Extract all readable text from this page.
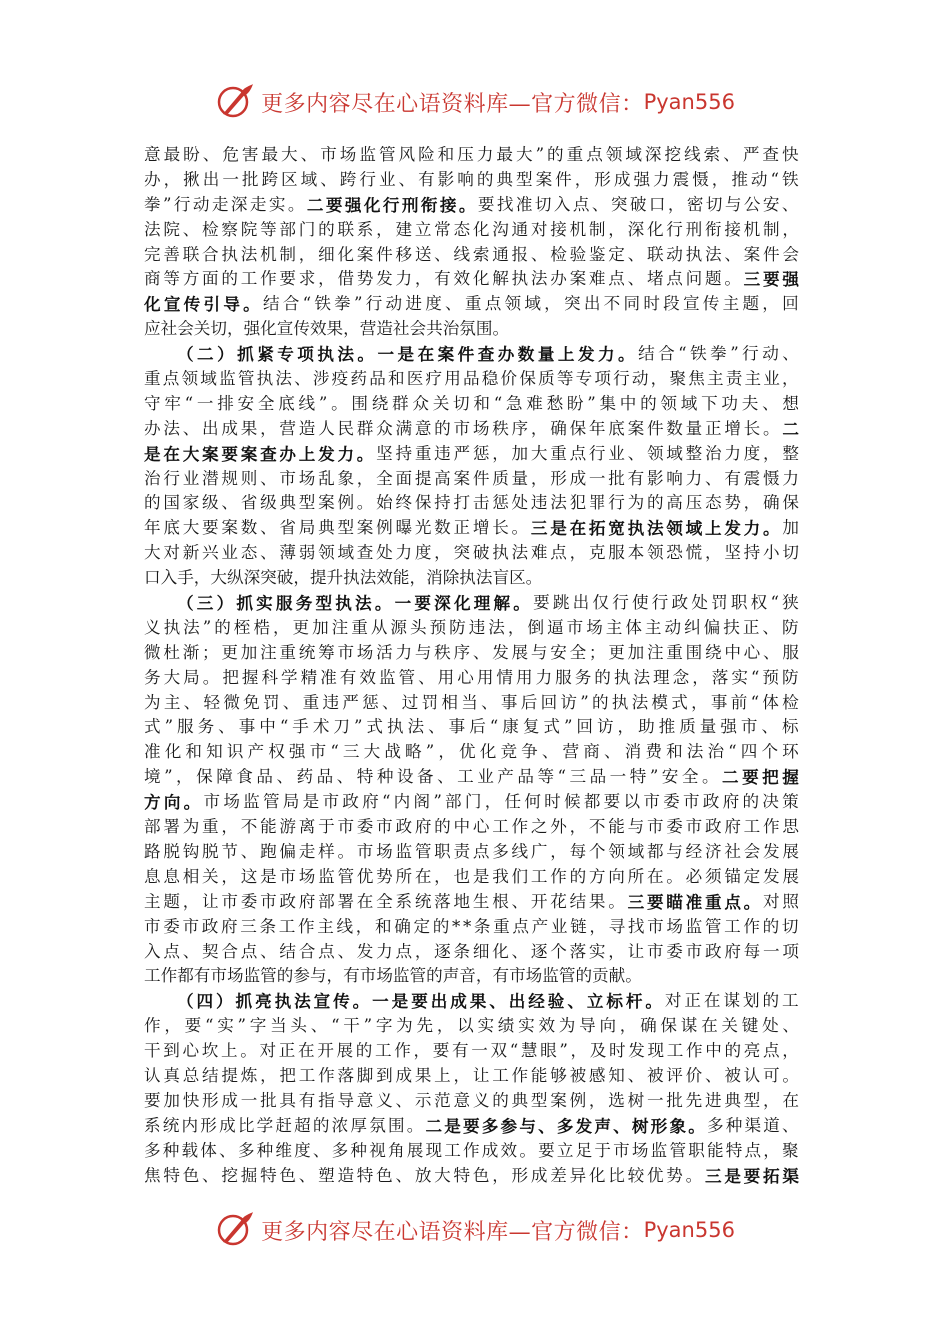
更多内容尽在心语资料库—官方微信： Pyan556
意 最 盼 、 危 害 最 大 、 市 场 监 管 风 险 和 压 力 最 大 ” 的 重 点 领 域 深 挖 线 索 、 严 查 快
办 ， 揪 出 一 批 跨 区 域 、 跨 行 业 、 有 影 响 的 典 型 案 件 ， 形 成 强 力 震 慑 ， 推 动 “ 铁
拳 ” 行 动 走 深 走 实 。 二 要 强 化 行 刑 衔 接 。 要 找 准 切 入 点 、 突 破 口 ， 密 切 与 公 安 、
法 院 、 检 察 院 等 部 门 的 联 系 ， 建 立 常 态 化 沟 通 对 接 机 制 ， 深 化 行 刑 衔 接 机 制 ，
完 善 联 合 执 法 机 制 ， 细 化 案 件 移 送 、 线 索 通 报 、 检 验 鉴 定 、 联 动 执 法 、 案 件 会
商 等 方 面 的 工 作 要 求 ， 借 势 发 力 ， 有 效 化 解 执 法 办 案 难 点 、 堵 点 问 题 。 三 要 强
化 宣 传 引 导 。 结 合 “ 铁 拳 ” 行 动 进 度 、 重 点 领 域 ， 突 出 不 同 时 段 宣 传 主 题 ， 回
应 社 会 关 切 ， 强 化 宣 传 效 果 ， 营 造 社 会 共 治 氛 围 。
（ 二 ） 抓 紧 专 项 执 法 。 一 是 在 案 件 查 办 数 量 上 发 力 。 结 合 “ 铁 拳 ” 行 动 、
重 点 领 域 监 管 执 法 、 涉 疫 药 品 和 医 疗 用 品 稳 价 保 质 等 专 项 行 动 ， 聚 焦 主 责 主 业 ，
守 牢 “ 一 排 安 全 底 线 ” 。 围 绕 群 众 关 切 和 “ 急 难 愁 盼 ” 集 中 的 领 域 下 功 夫 、 想
办 法 、 出 成 果 ， 营 造 人 民 群 众 满 意 的 市 场 秩 序 ， 确 保 年 底 案 件 数 量 正 增 长 。 二
是 在 大 案 要 案 查 办 上 发 力 。 坚 持 重 违 严 惩 ， 加 大 重 点 行 业 、 领 域 整 治 力 度 ， 整
治 行 业 潜 规 则 、 市 场 乱 象 ， 全 面 提 高 案 件 质 量 ， 形 成 一 批 有 影 响 力 、 有 震 慑 力
的 国 家 级 、 省 级 典 型 案 例 。 始 终 保 持 打 击 惩 处 违 法 犯 罪 行 为 的 高 压 态 势 ， 确 保
年 底 大 要 案 数 、 省 局 典 型 案 例 曝 光 数 正 增 长 。 三 是 在 拓 宽 执 法 领 域 上 发 力 。 加
大 对 新 兴 业 态 、 薄 弱 领 域 查 处 力 度 ， 突 破 执 法 难 点 ， 克 服 本 领 恐 慌 ， 坚 持 小 切
口 入 手 ， 大 纵 深 突 破 ， 提 升 执 法 效 能 ， 消 除 执 法 盲 区 。
（ 三 ） 抓 实 服 务 型 执 法 。 一 要 深 化 理 解 。 要 跳 出 仅 行 使 行 政 处 罚 职 权 “ 狭
义 执 法 ” 的 桎 梏 ， 更 加 注 重 从 源 头 预 防 违 法 ， 倒 逼 市 场 主 体 主 动 纠 偏 扶 正 、 防
微 杜 渐 ； 更 加 注 重 统 筹 市 场 活 力 与 秩 序 、 发 展 与 安 全 ； 更 加 注 重 围 绕 中 心 、 服
务 大 局 。 把 握 科 学 精 准 有 效 监 管 、 用 心 用 情 用 力 服 务 的 执 法 理 念 ， 落 实 “ 预 防
为 主 、 轻 微 免 罚 、 重 违 严 惩 、 过 罚 相 当 、 事 后 回 访 ” 的 执 法 模 式 ， 事 前 “ 体 检
式 ” 服 务 、 事 中 “ 手 术 刀 ” 式 执 法 、 事 后 “ 康 复 式 ” 回 访 ， 助 推 质 量 强 市 、 标
准 化 和 知 识 产 权 强 市 “ 三 大 战 略 ” ， 优 化 竞 争 、 营 商 、 消 费 和 法 治 “ 四 个 环
境 ” ， 保 障 食 品 、 药 品 、 特 种 设 备 、 工 业 产 品 等 “ 三 品 一 特 ” 安 全 。 二 要 把 握
方 向 。 市 场 监 管 局 是 市 政 府 “ 内 阁 ” 部 门 ， 任 何 时 候 都 要 以 市 委 市 政 府 的 决 策
部 署 为 重 ， 不 能 游 离 于 市 委 市 政 府 的 中 心 工 作 之 外 ， 不 能 与 市 委 市 政 府 工 作 思
路 脱 钩 脱 节 、 跑 偏 走 样 。 市 场 监 管 职 责 点 多 线 广 ， 每 个 领 域 都 与 经 济 社 会 发 展
息 息 相 关 ， 这 是 市 场 监 管 优 势 所 在 ， 也 是 我 们 工 作 的 方 向 所 在 。 必 须 锚 定 发 展
主 题 ， 让 市 委 市 政 府 部 署 在 全 系 统 落 地 生 根 、 开 花 结 果 。 三 要 瞄 准 重 点 。 对 照
市 委 市 政 府 三 条 工 作 主 线 ， 和 确 定 的 * * 条 重 点 产 业 链 ， 寻 找 市 场 监 管 工 作 的 切
入 点 、 契 合 点 、 结 合 点 、 发 力 点 ， 逐 条 细 化 、 逐 个 落 实 ， 让 市 委 市 政 府 每 一 项
工 作 都 有 市 场 监 管 的 参 与 ， 有 市 场 监 管 的 声 音 ， 有 市 场 监 管 的 贡 献 。
（ 四 ） 抓 亮 执 法 宣 传 。 一 是 要 出 成 果 、 出 经 验 、 立 标 杆 。 对 正 在 谋 划 的 工
作 ， 要 “ 实 ” 字 当 头 、 “ 干 ” 字 为 先 ， 以 实 绩 实 效 为 导 向 ， 确 保 谋 在 关 键 处 、
干 到 心 坎 上 。 对 正 在 开 展 的 工 作 ， 要 有 一 双 “ 慧 眼 ” ， 及 时 发 现 工 作 中 的 亮 点 ，
认 真 总 结 提 炼 ， 把 工 作 落 脚 到 成 果 上 ， 让 工 作 能 够 被 感 知 、 被 评 价 、 被 认 可 。
要 加 快 形 成 一 批 具 有 指 导 意 义 、 示 范 意 义 的 典 型 案 例 ， 选 树 一 批 先 进 典 型 ， 在
系 统 内 形 成 比 学 赶 超 的 浓 厚 氛 围 。 二 是 要 多 参 与 、 多 发 声 、 树 形 象 。 多 种 渠 道 、
多 种 载 体 、 多 种 维 度 、 多 种 视 角 展 现 工 作 成 效 。 要 立 足 于 市 场 监 管 职 能 特 点 ， 聚
焦 特 色 、 挖 掘 特 色 、 塑 造 特 色 、 放 大 特 色 ， 形 成 差 异 化 比 较 优 势 。 三 是 要 拓 渠
更多内容尽在心语资料库—官方微信： Pyan556
